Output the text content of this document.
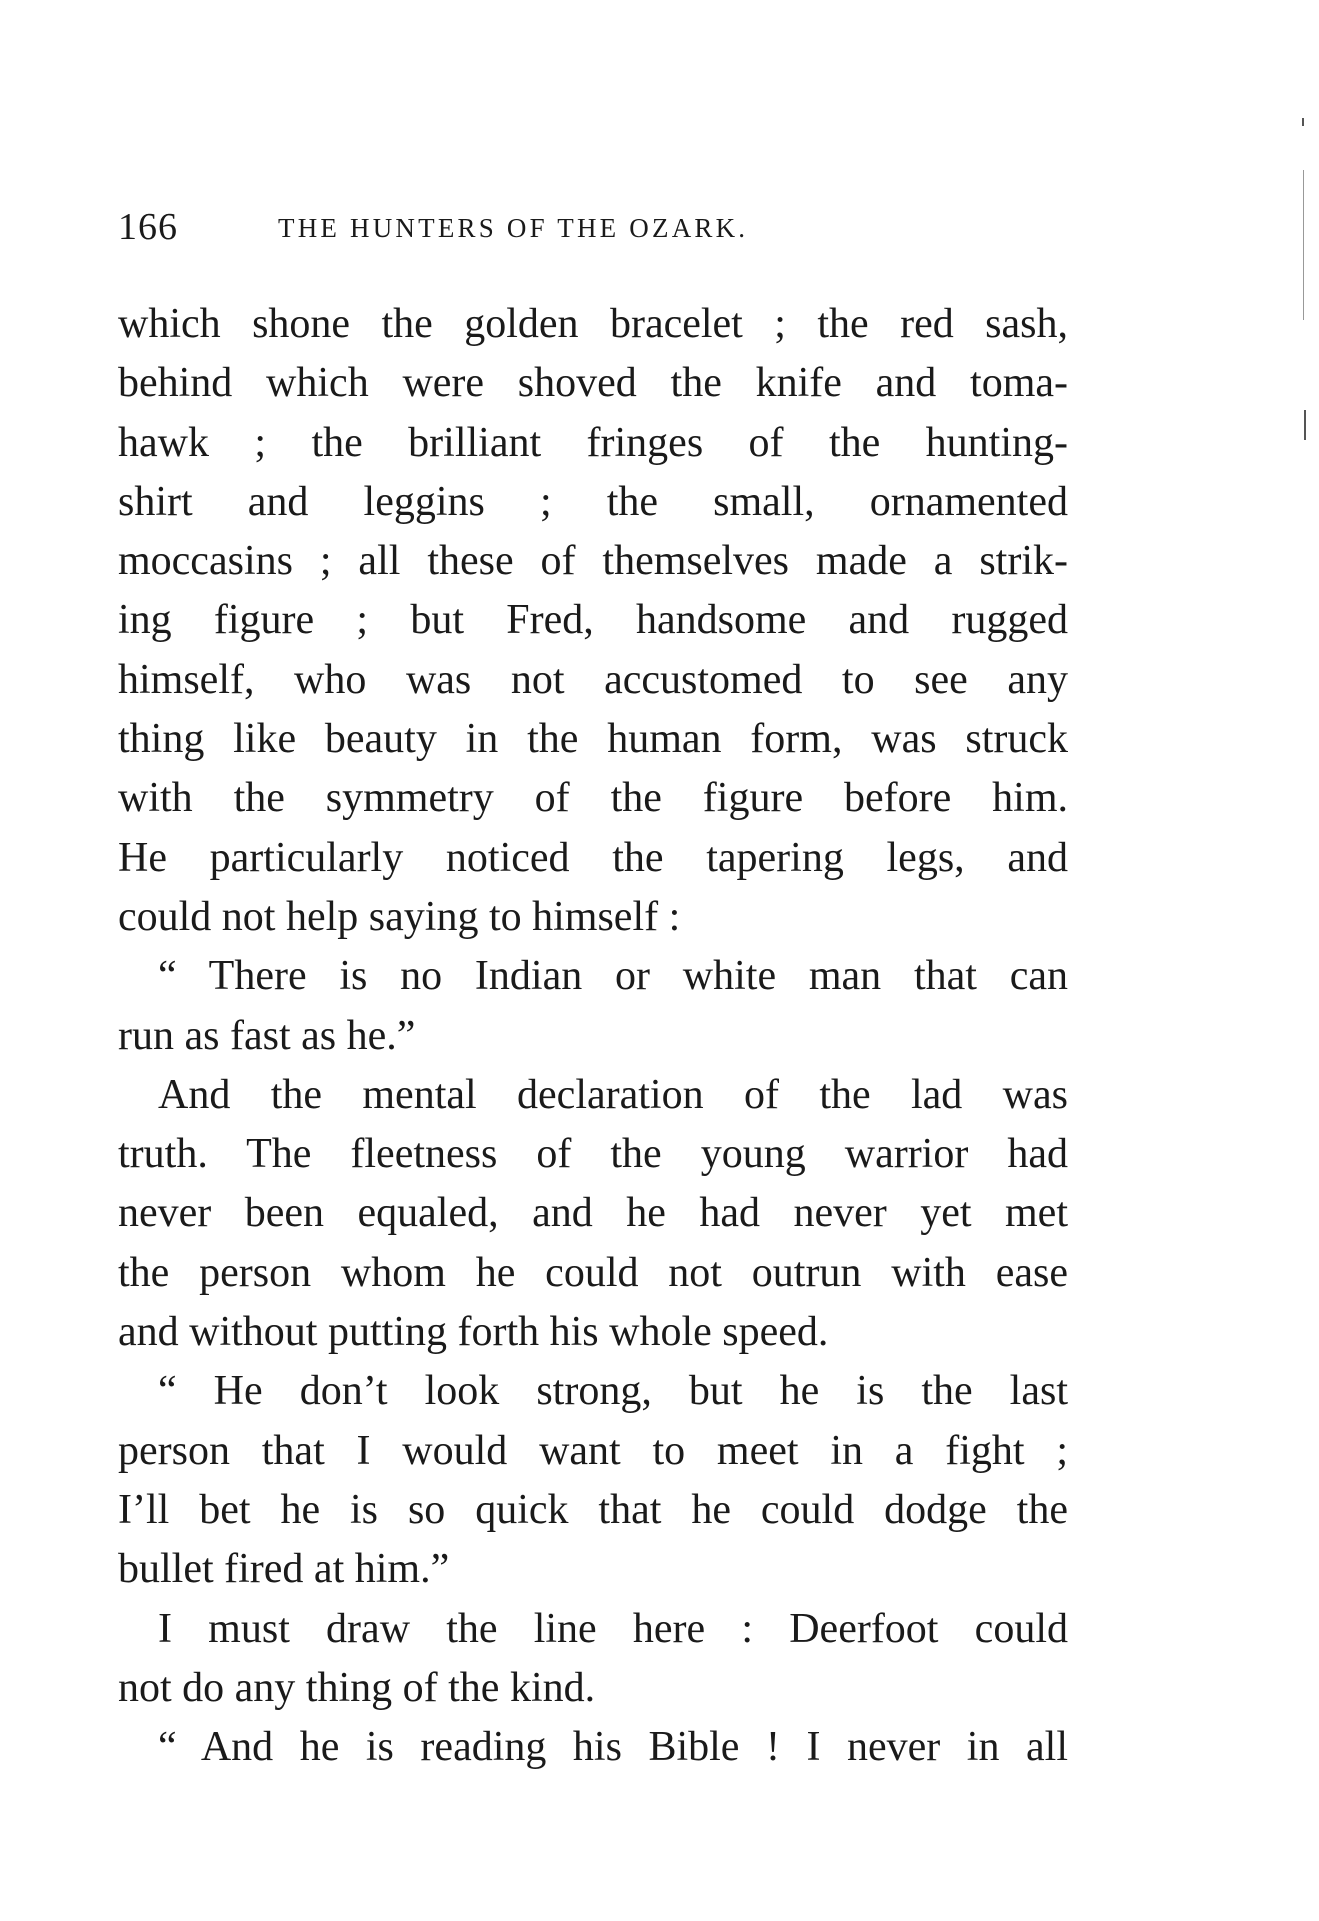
166	THE HUNTERS OF THE OZARK.
which shone the golden bracelet ; the red sash,
behind which were shoved the knife and toma-
hawk ; the brilliant fringes of the hunting-
shirt and leggins ; the small, ornamented
moccasins ; all these of themselves made a strik-
ing figure ; but Fred, handsome and rugged
himself, who was not accustomed to see any
thing like beauty in the human form, was struck
with the symmetry of the figure before him.
He particularly noticed the tapering legs, and
could not help saying to himself :
“ There is no Indian or white man that can
run as fast as he.”
And the mental declaration of the lad was
truth. The fleetness of the young warrior had
never been equaled, and he had never yet met
the person whom he could not outrun with ease
and without putting forth his whole speed.
“ He don’t look strong, but he is the last
person that I would want to meet in a fight ;
I’ll bet he is so quick that he could dodge the
bullet fired at him.”
I must draw the line here : Deerfoot could
not do any thing of the kind.
“ And he is reading his Bible ! I never in all
